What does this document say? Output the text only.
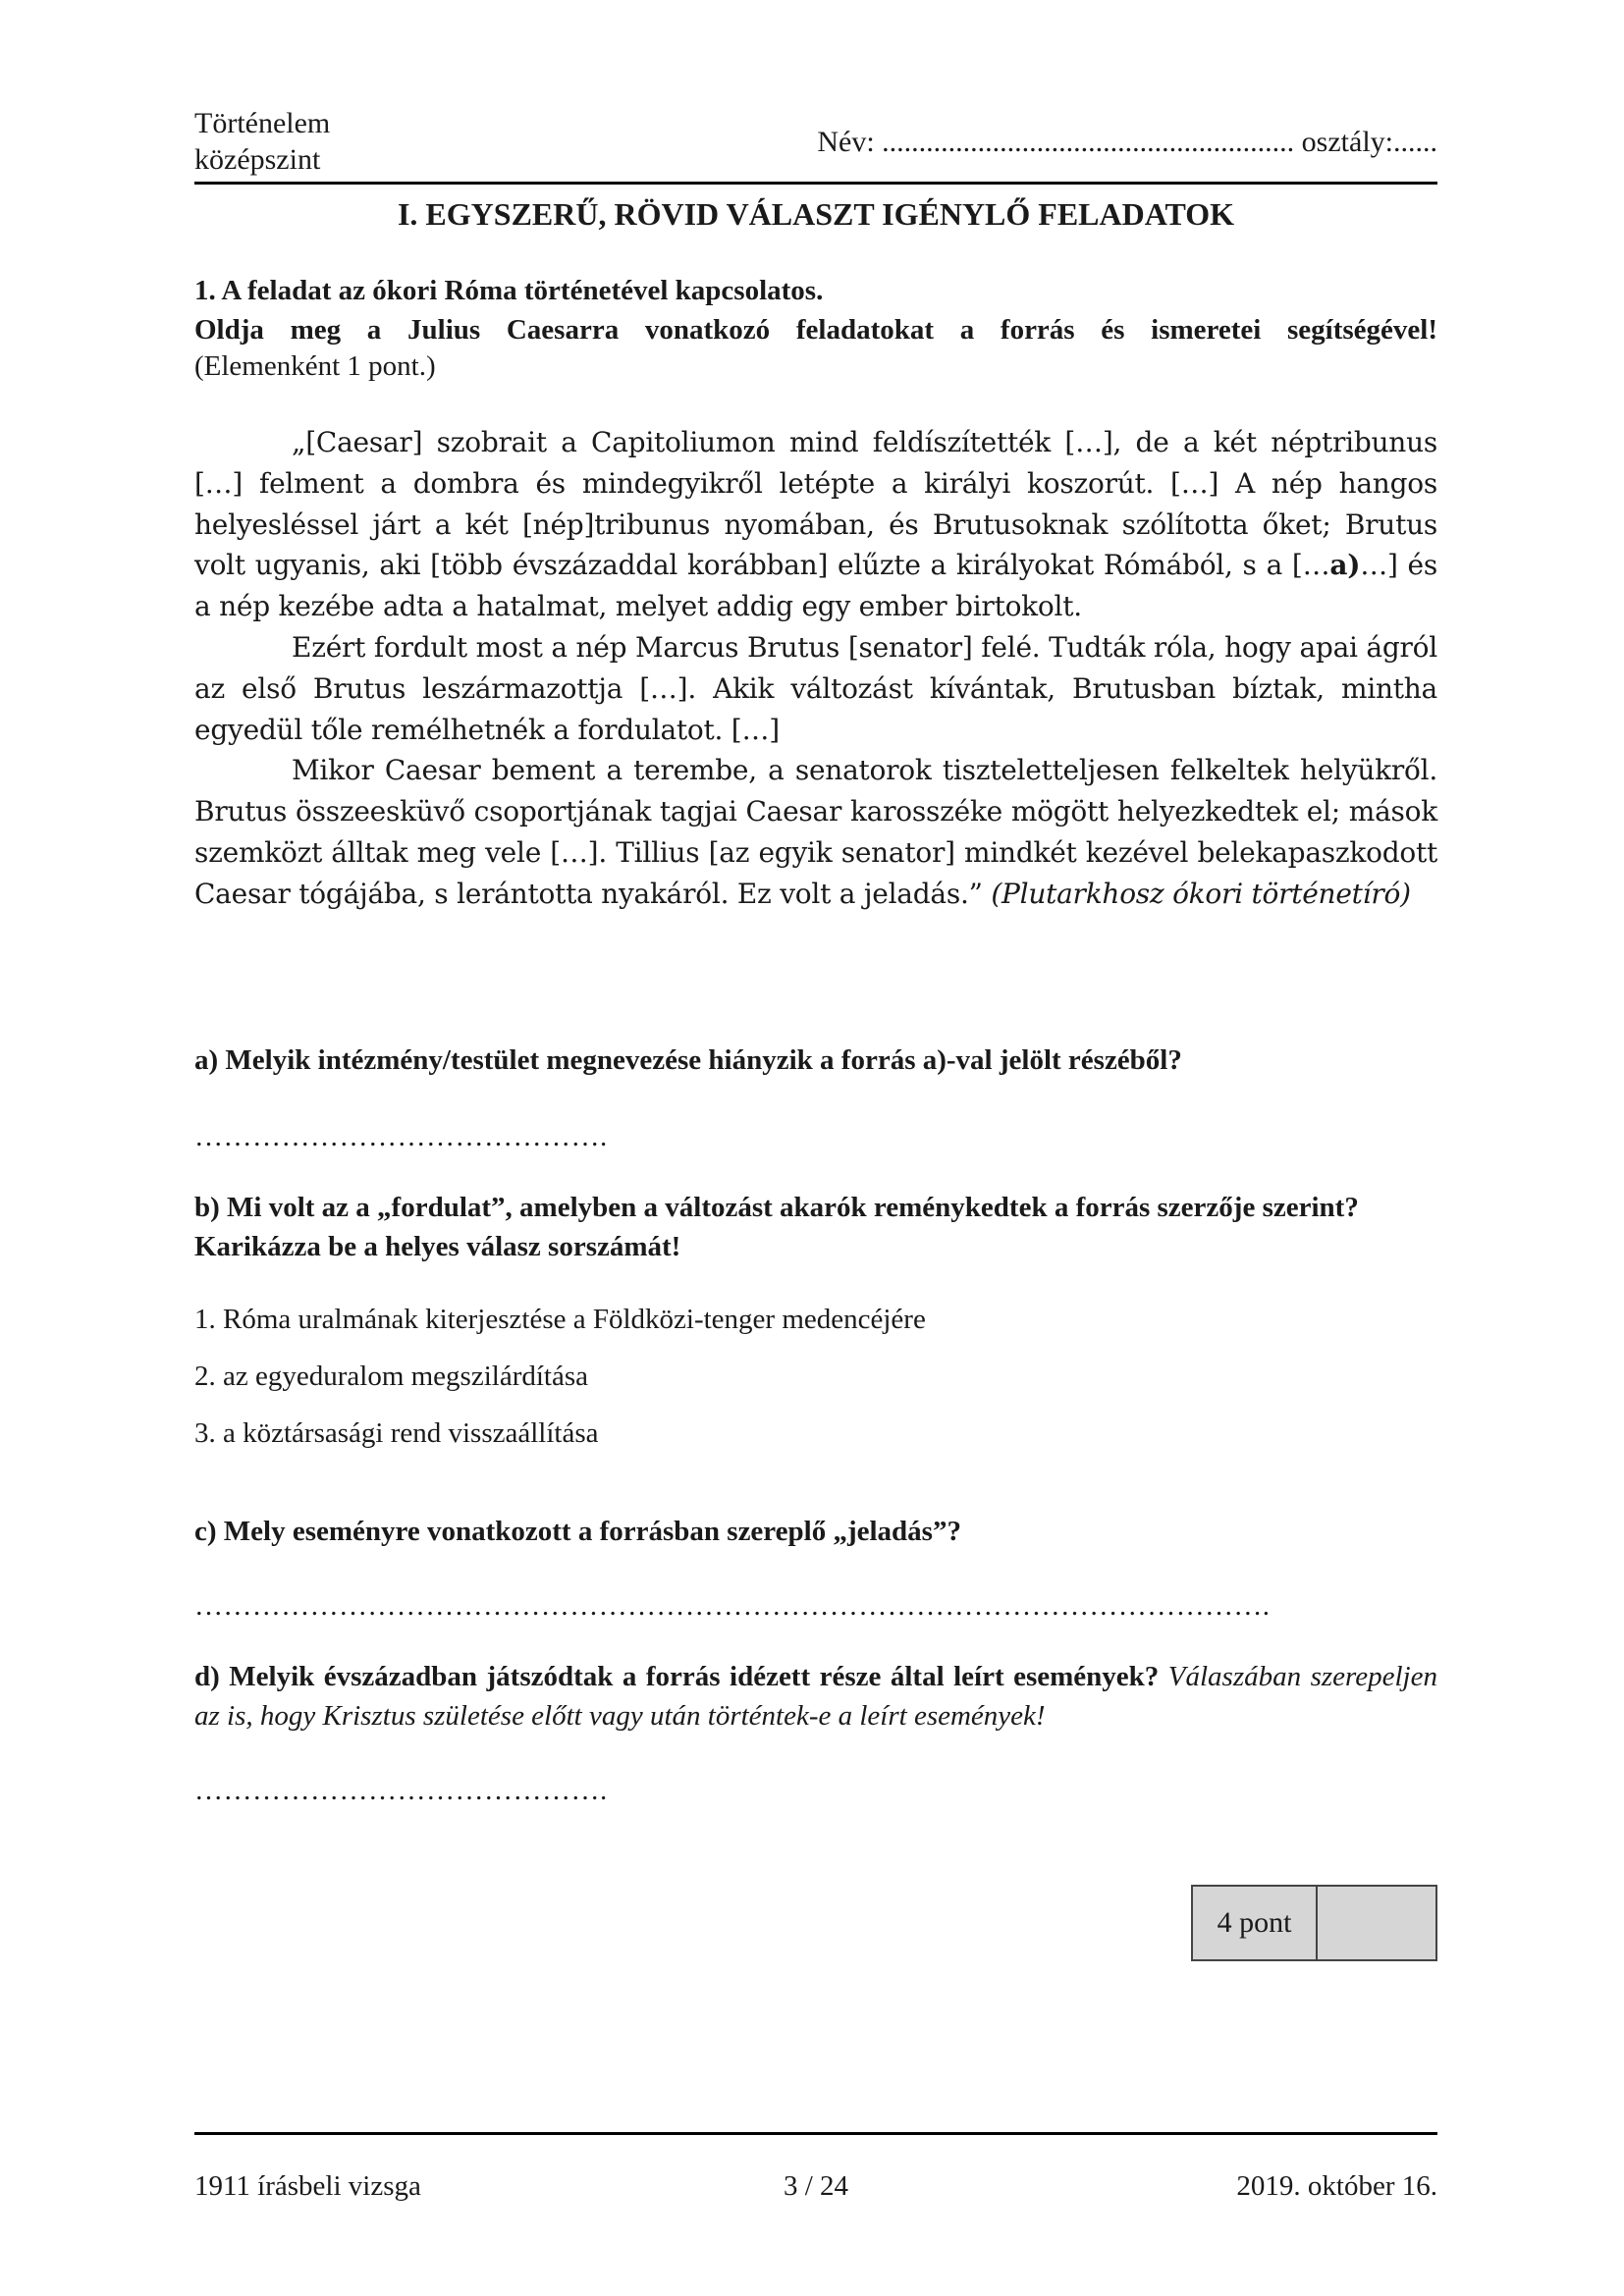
Történelem
középszint
Név: ........................................................ osztály:......
I. EGYSZERŰ, RÖVID VÁLASZT IGÉNYLŐ FELADATOK
1. A feladat az ókori Róma történetével kapcsolatos.
Oldja meg a Julius Caesarra vonatkozó feladatokat a forrás és ismeretei segítségével!
(Elemenként 1 pont.)

„[Caesar] szobrait a Capitoliumon mind feldíszítették […], de a két néptribunus […] felment a dombra és mindegyikről letépte a királyi koszorút. […] A nép hangos helyesléssel járt a két [nép]tribunus nyomában, és Brutusoknak szólította őket; Brutus volt ugyanis, aki [több évszázaddal korábban] elűzte a királyokat Rómából, s a […a)…] és a nép kezébe adta a hatalmat, melyet addig egy ember birtokolt.

Ezért fordult most a nép Marcus Brutus [senator] felé. Tudták róla, hogy apai ágról az első Brutus leszármazottja […]. Akik változást kívántak, Brutusban bíztak, mintha egyedül tőle remélhetnék a fordulatot. […]

Mikor Caesar bement a terembe, a senatorok tiszteletteljesen felkeltek helyükről. Brutus összeesküvő csoportjának tagjai Caesar karosszéke mögött helyezkedtek el; mások szemközt álltak meg vele […]. Tillius [az egyik senator] mindkét kezével belekapaszkodott Caesar tógájába, s lerántotta nyakáról. Ez volt a jeladás.” (Plutarkhosz ókori történetíró)

a) Melyik intézmény/testület megnevezése hiányzik a forrás a)-val jelölt részéből?
…………………………………….
b) Mi volt az a „fordulat”, amelyben a változást akarók reménykedtek a forrás szerzője szerint? Karikázza be a helyes válasz sorszámát!
1. Róma uralmának kiterjesztése a Földközi-tenger medencéjére
2. az egyeduralom megszilárdítása
3. a köztársasági rend visszaállítása
c) Mely eseményre vonatkozott a forrásban szereplő „jeladás”?
………………………………………………………………………………………………….
d) Melyik évszázadban játszódtak a forrás idézett része által leírt események? Válaszában szerepeljen az is, hogy Krisztus születése előtt vagy után történtek-e a leírt események!
…………………………………….
4 pont
1911 írásbeli vizsga	3 / 24	2019. október 16.
